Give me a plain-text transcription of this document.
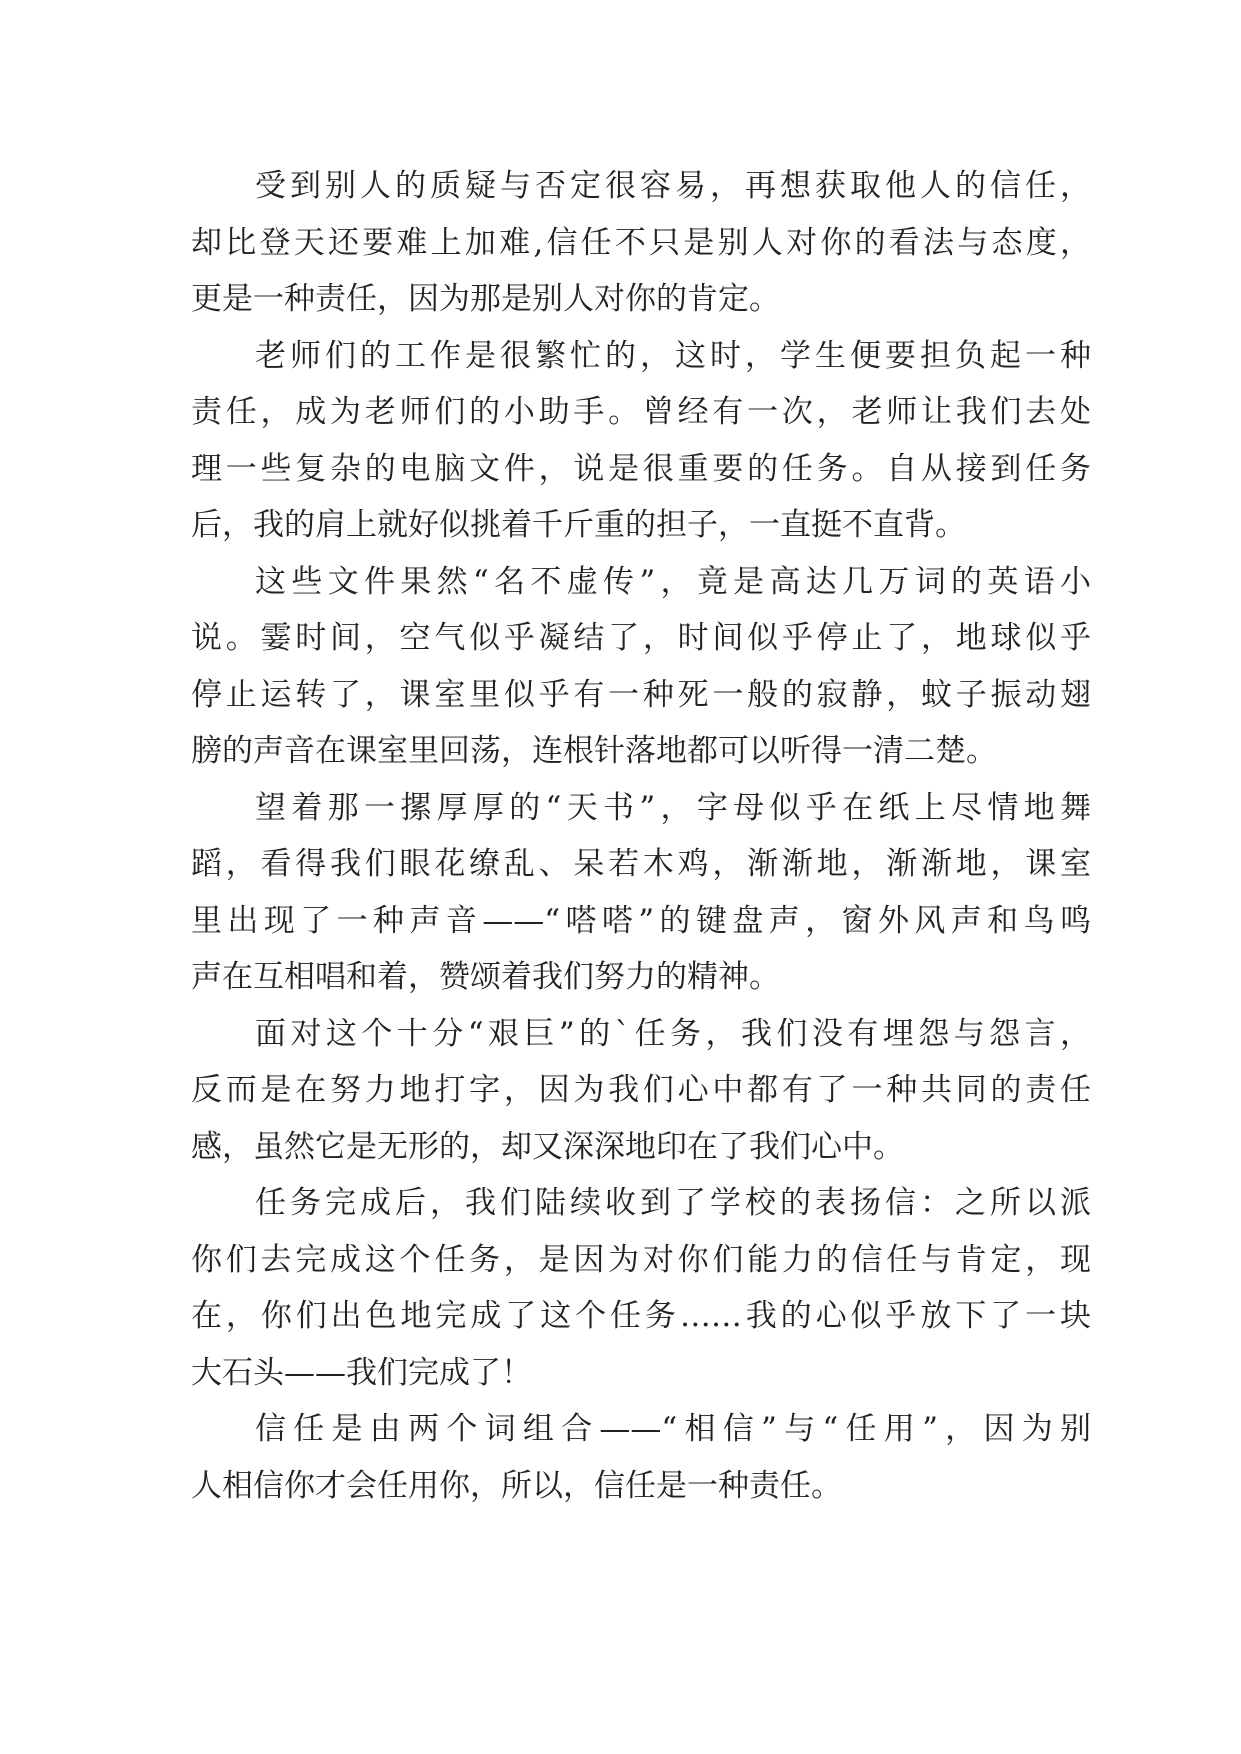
受到别人的质疑与否定很容易，再想获取他人的信任，

却比登天还要难上加难,信任不只是别人对你的看法与态度，

更是一种责任，因为那是别人对你的肯定。

老师们的工作是很繁忙的，这时，学生便要担负起一种

责任，成为老师们的小助手。曾经有一次，老师让我们去处

理一些复杂的电脑文件，说是很重要的任务。自从接到任务

后，我的肩上就好似挑着千斤重的担子，一直挺不直背。

这些文件果然“名不虚传”，竟是高达几万词的英语小

说。霎时间，空气似乎凝结了，时间似乎停止了，地球似乎

停止运转了，课室里似乎有一种死一般的寂静，蚊子振动翅

膀的声音在课室里回荡，连根针落地都可以听得一清二楚。

望着那一摞厚厚的“天书”，字母似乎在纸上尽情地舞

蹈，看得我们眼花缭乱、呆若木鸡，渐渐地，渐渐地，课室

里出现了一种声音——“嗒嗒”的键盘声，窗外风声和鸟鸣

声在互相唱和着，赞颂着我们努力的精神。

面对这个十分“艰巨”的`任务，我们没有埋怨与怨言，

反而是在努力地打字，因为我们心中都有了一种共同的责任

感，虽然它是无形的，却又深深地印在了我们心中。

任务完成后，我们陆续收到了学校的表扬信：之所以派

你们去完成这个任务，是因为对你们能力的信任与肯定，现

在，你们出色地完成了这个任务……我的心似乎放下了一块

大石头——我们完成了！

信任是由两个词组合——“相信”与“任用”，因为别

人相信你才会任用你，所以，信任是一种责任。
